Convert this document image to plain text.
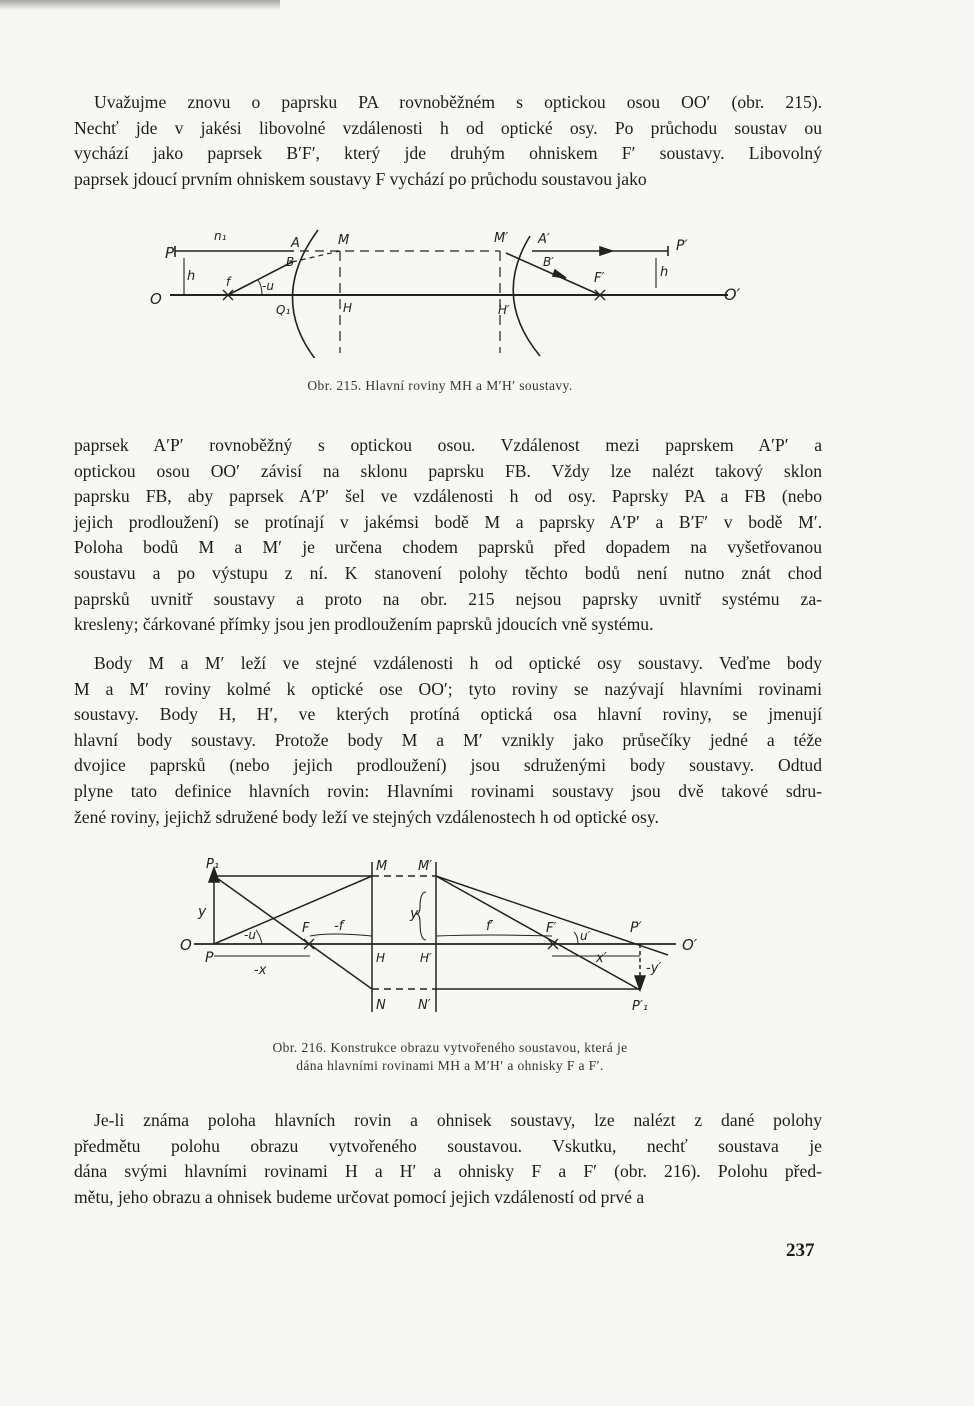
Uvažujme znovu o paprsku PA rovnoběžném s optickou osou OO′ (obr. 215).
Nechť jde v jakési libovolné vzdálenosti h od optické osy. Po průchodu soustav ou
vychází jako paprsek B′F′, který jde druhým ohniskem F′ soustavy. Libovolný
paprsek jdoucí prvním ohniskem soustavy F vychází po průchodu soustavou jako
P
n₁	A	M
B
h	f	-u
O
Q₁	H
M′ A′
B′
F′	h
P′
H′
O′
Obr. 215. Hlavní roviny MH a M′H′ soustavy.
paprsek A′P′ rovnoběžný s optickou osou. Vzdálenost mezi paprskem A′P′ a
optickou osou OO′ závisí na sklonu paprsku FB. Vždy lze nalézt takový sklon
paprsku FB, aby paprsek A′P′ šel ve vzdálenosti h od osy. Paprsky PA a FB (nebo
jejich prodloužení) se protínají v jakémsi bodě M a paprsky A′P′ a B′F′ v bodě M′.
Poloha bodů M a M′ je určena chodem paprsků před dopadem na vyšetřovanou
soustavu a po výstupu z ní. K stanovení polohy těchto bodů není nutno znát chod
paprsků uvnitř soustavy a proto na obr. 215 nejsou paprsky uvnitř systému za-
kresleny; čárkované přímky jsou jen prodloužením paprsků jdoucích vně systému.
Body M a M′ leží ve stejné vzdálenosti h od optické osy soustavy. Veďme body
M a M′ roviny kolmé k optické ose OO′; tyto roviny se nazývají hlavními rovinami
soustavy. Body H, H′, ve kterých protíná optická osa hlavní roviny, se jmenují
hlavní body soustavy. Protože body M a M′ vznikly jako průsečíky jedné a téže
dvojice paprsků (nebo jejich prodloužení) jsou sdruženými body soustavy. Odtud
plyne tato definice hlavních rovin: Hlavními rovinami soustavy jsou dvě takové sdru-
žené roviny, jejichž sdružené body leží ve stejných vzdálenostech h od optické osy.
P₁
y
O
P
-u	F -f
-x
M
H
N
M′
y
H′
N′
f′	F′ u′
x′
P′
-y′
O′
P′₁
Obr. 216. Konstrukce obrazu vytvořeného soustavou, která je
dána hlavními rovinami MH a M′H′ a ohnisky F a F′.
Je-li známa poloha hlavních rovin a ohnisek soustavy, lze nalézt z dané polohy
předmětu polohu obrazu vytvořeného soustavou. Vskutku, nechť soustava je
dána svými hlavními rovinami H a H′ a ohnisky F a F′ (obr. 216). Polohu před-
mětu, jeho obrazu a ohnisek budeme určovat pomocí jejich vzdáleností od prvé a
237
